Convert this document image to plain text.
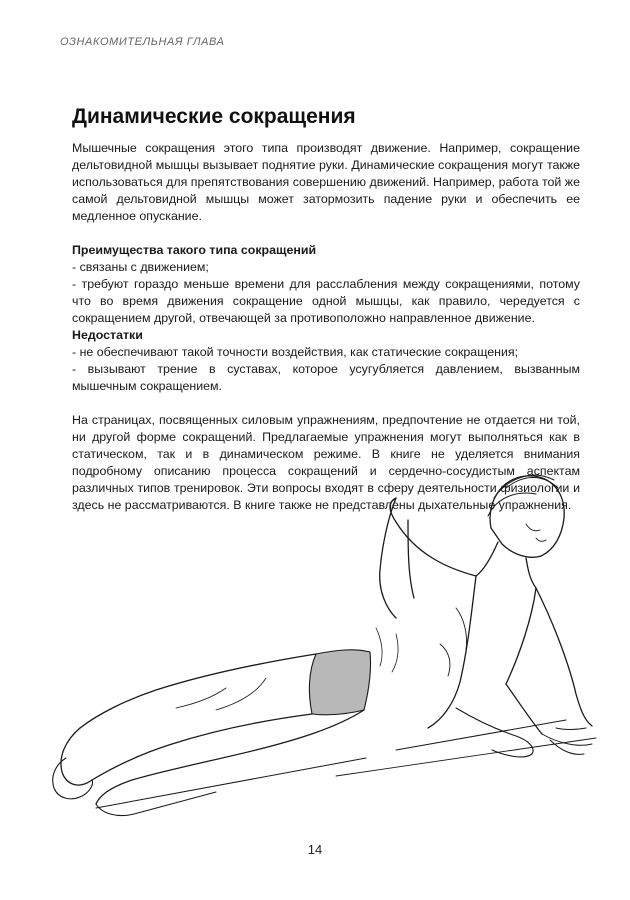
ОЗНАКОМИТЕЛЬНАЯ ГЛАВА
Динамические сокращения

Мышечные сокращения этого типа производят движение. Например, сокращение дельтовидной мышцы вызывает поднятие руки. Динамические сокращения могут также использоваться для препятствования совершению движений. Например, работа той же самой дельтовидной мышцы может затормозить падение руки и обеспечить ее медленное опускание.

Преимущества такого типа сокращений
- связаны с движением;
- требуют гораздо меньше времени для расслабления между сокращениями, потому что во время движения сокращение одной мышцы, как правило, чередуется с сокращением другой, отвечающей за противоположно направленное движение.
Недостатки
- не обеспечивают такой точности воздействия, как статические сокращения;
- вызывают трение в суставах, которое усугубляется давлением, вызванным мышечным сокращением.

На страницах, посвященных силовым упражнениям, предпочтение не отдается ни той, ни другой форме сокращений. Предлагаемые упражнения могут выполняться как в статическом, так и в динамическом режиме. В книге не уделяется внимания подробному описанию процесса сокращений и сердечно-сосудистым аспектам различных типов тренировок. Эти вопросы входят в сферу деятельности физиологии и здесь не рассматриваются. В книге также не представлены дыхательные упражнения.

14
